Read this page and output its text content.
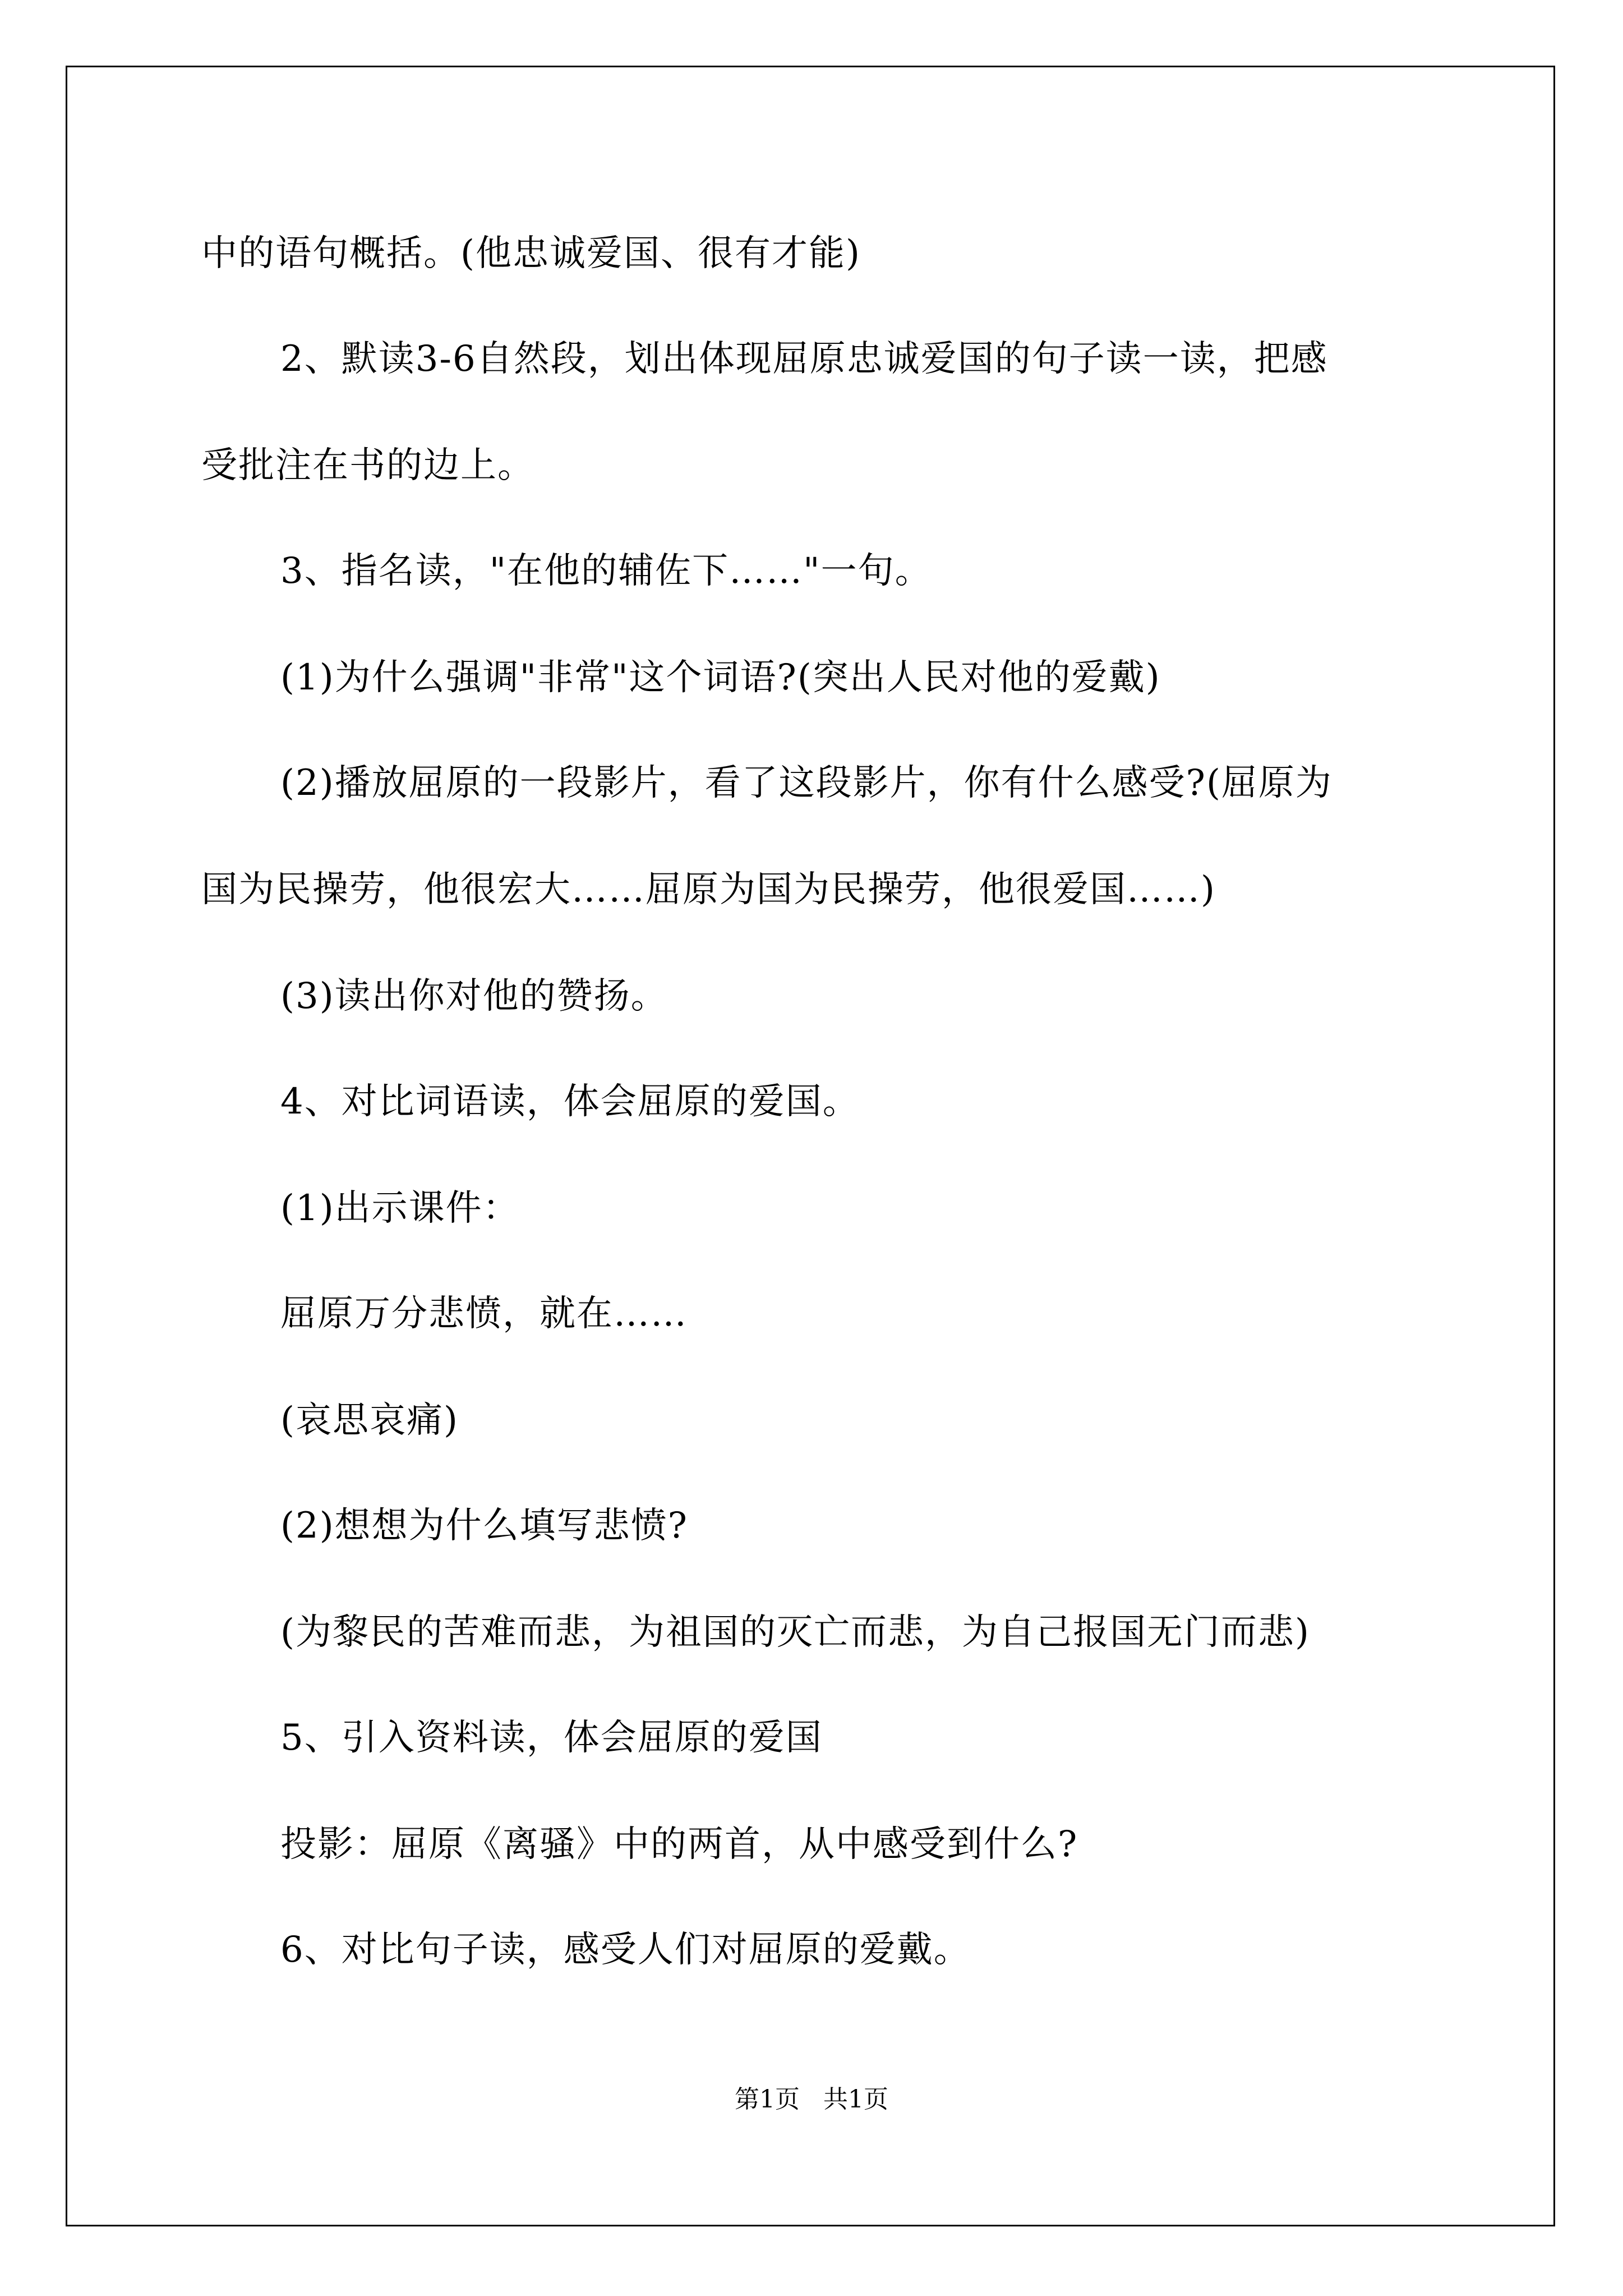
中的语句概括。(他忠诚爱国、很有才能)
2、默读3-6自然段，划出体现屈原忠诚爱国的句子读一读，把感
受批注在书的边上。
3、指名读，"在他的辅佐下……"一句。
(1)为什么强调"非常"这个词语?(突出人民对他的爱戴)
(2)播放屈原的一段影片，看了这段影片，你有什么感受?(屈原为
国为民操劳，他很宏大……屈原为国为民操劳，他很爱国……)
(3)读出你对他的赞扬。
4、对比词语读，体会屈原的爱国。
(1)出示课件：
屈原万分悲愤，就在……
(哀思哀痛)
(2)想想为什么填写悲愤?
(为黎民的苦难而悲，为祖国的灭亡而悲，为自己报国无门而悲)
5、引入资料读，体会屈原的爱国
投影：屈原《离骚》中的两首，从中感受到什么?
6、对比句子读，感受人们对屈原的爱戴。
第1页   共1页
